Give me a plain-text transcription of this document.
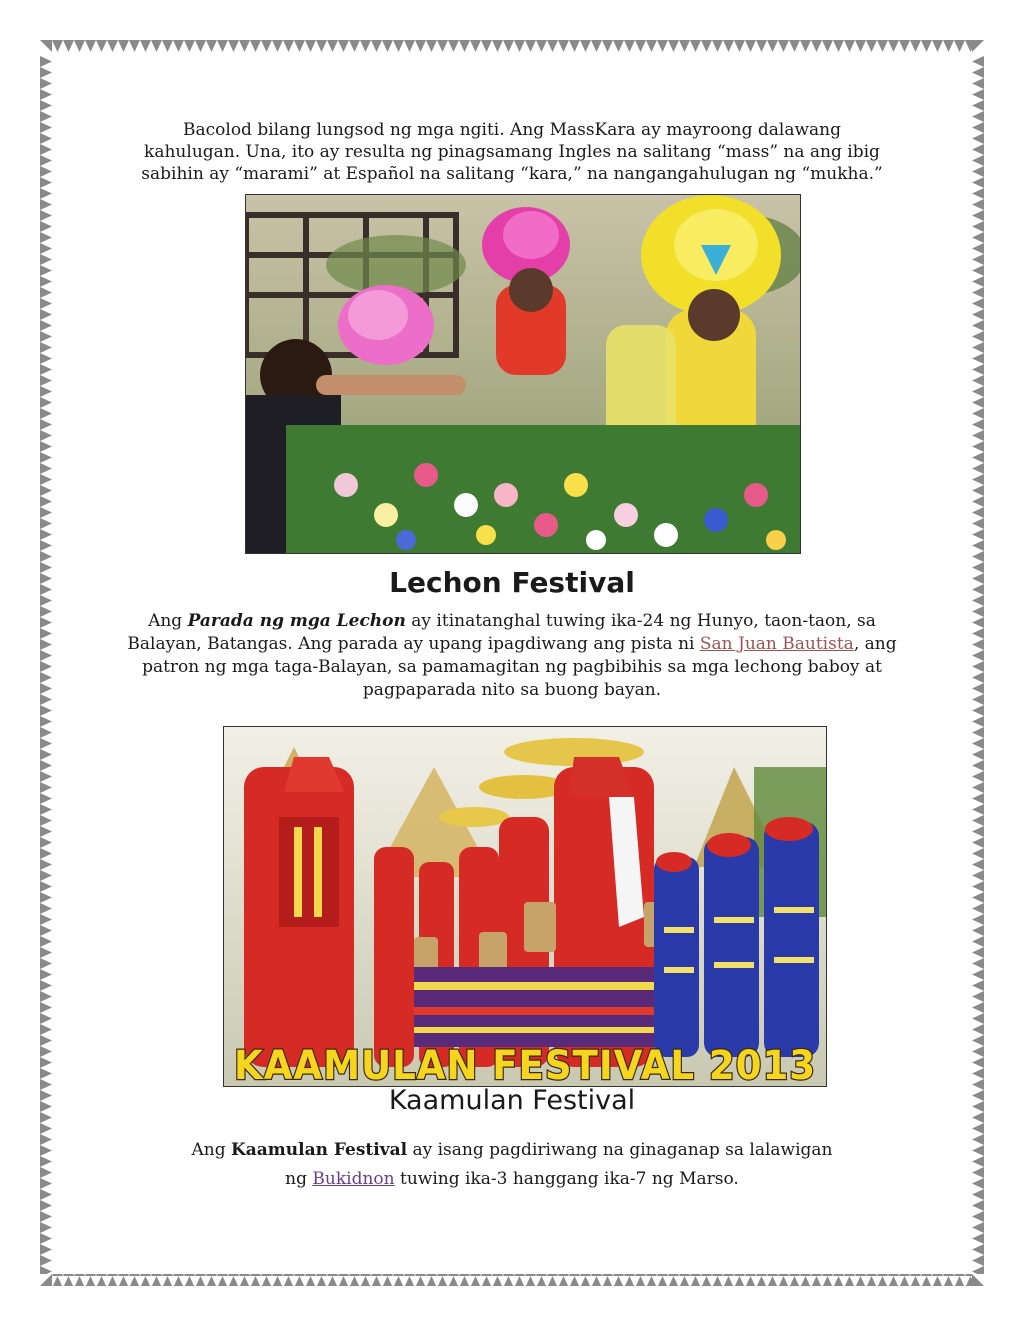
Bacolod bilang lungsod ng mga ngiti. Ang MassKara ay mayroong dalawang
kahulugan. Una, ito ay resulta ng pinagsamang Ingles na salitang “mass” na ang ibig
sabihin ay “marami” at Español na salitang “kara,” na nangangahulugan ng “mukha.”
Lechon Festival
Ang Parada ng mga Lechon ay itinatanghal tuwing ika-24 ng Hunyo, taon-taon, sa Balayan, Batangas. Ang parada ay upang ipagdiwang ang pista ni San Juan Bautista, ang patron ng mga taga-Balayan, sa pamamagitan ng pagbibihis sa mga lechong baboy at pagpaparada nito sa buong bayan.
KAAMULAN FESTIVAL 2013
Kaamulan Festival
Ang Kaamulan Festival ay isang pagdiriwang na ginaganap sa lalawigan
ng Bukidnon tuwing ika-3 hanggang ika-7 ng Marso.
